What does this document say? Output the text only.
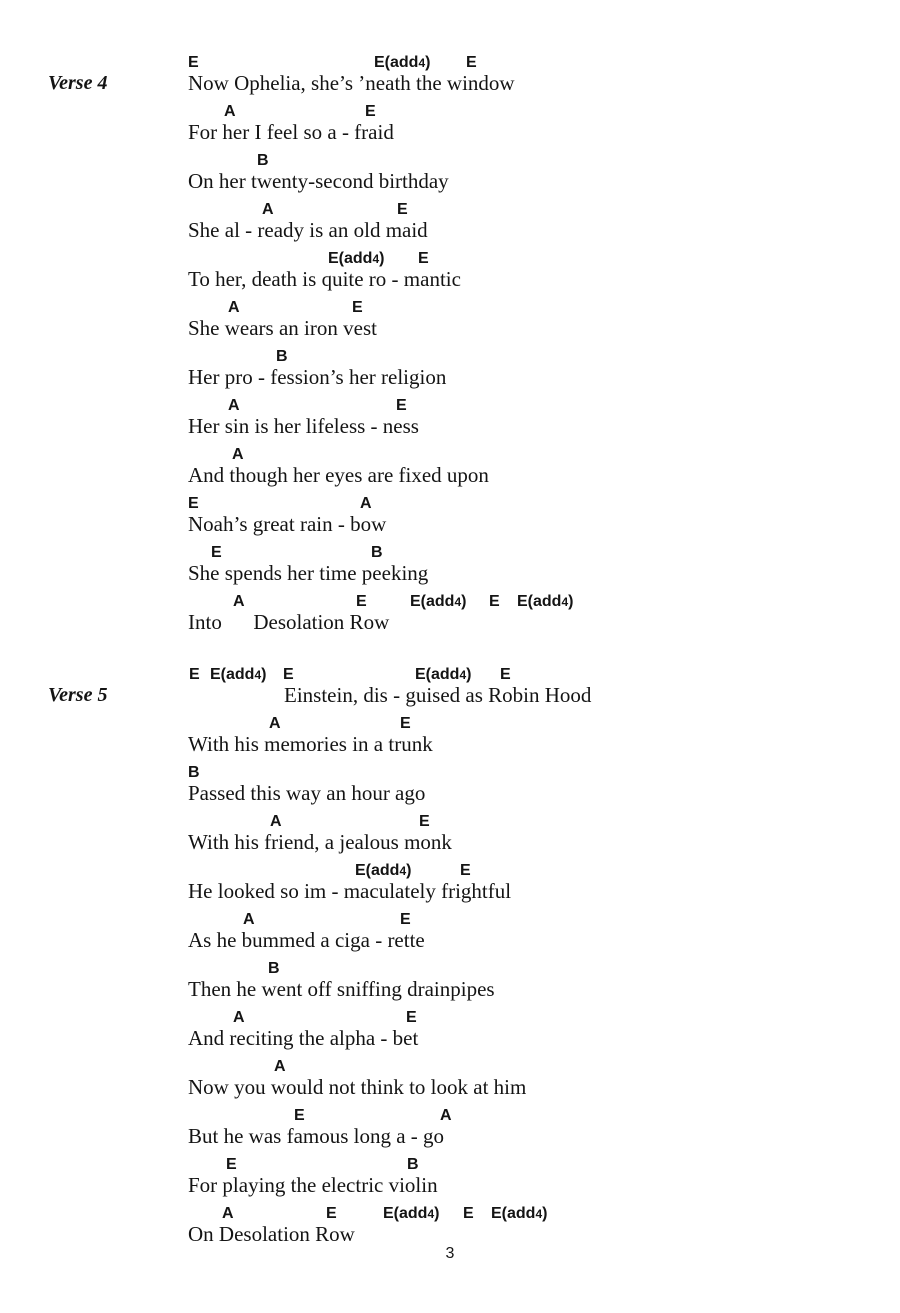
Verse 4
E	E(add4) E
Now Ophelia, she’s ’neath the window
A	E
For her I feel so a - fraid
B
On her twenty-second birthday
A	E
She al - ready is an old maid
E(add4) E
To her, death is quite ro - mantic
A	E
She wears an iron vest
B
Her pro - fession’s her religion
A	E
Her sin is her lifeless - ness
A
And though her eyes are fixed upon
E	A
Noah’s great rain - bow
E	B
She spends her time peeking
A	E	E(add4) E E(add4)
Into      Desolation Row
Verse 5
E E(add4) E	E(add4) E
Einstein, dis - guised as Robin Hood
A	E
With his memories in a trunk
B
Passed this way an hour ago
A	E
With his friend, a jealous monk
E(add4)	E
He looked so im - maculately frightful
A	E
As he bummed a ciga - rette
B
Then he went off sniffing drainpipes
A	E
And reciting the alpha - bet
A
Now you would not think to look at him
E	A
But he was famous long a - go
E	B
For playing the electric violin
A	E	E(add4) E E(add4)
On Desolation Row
3
